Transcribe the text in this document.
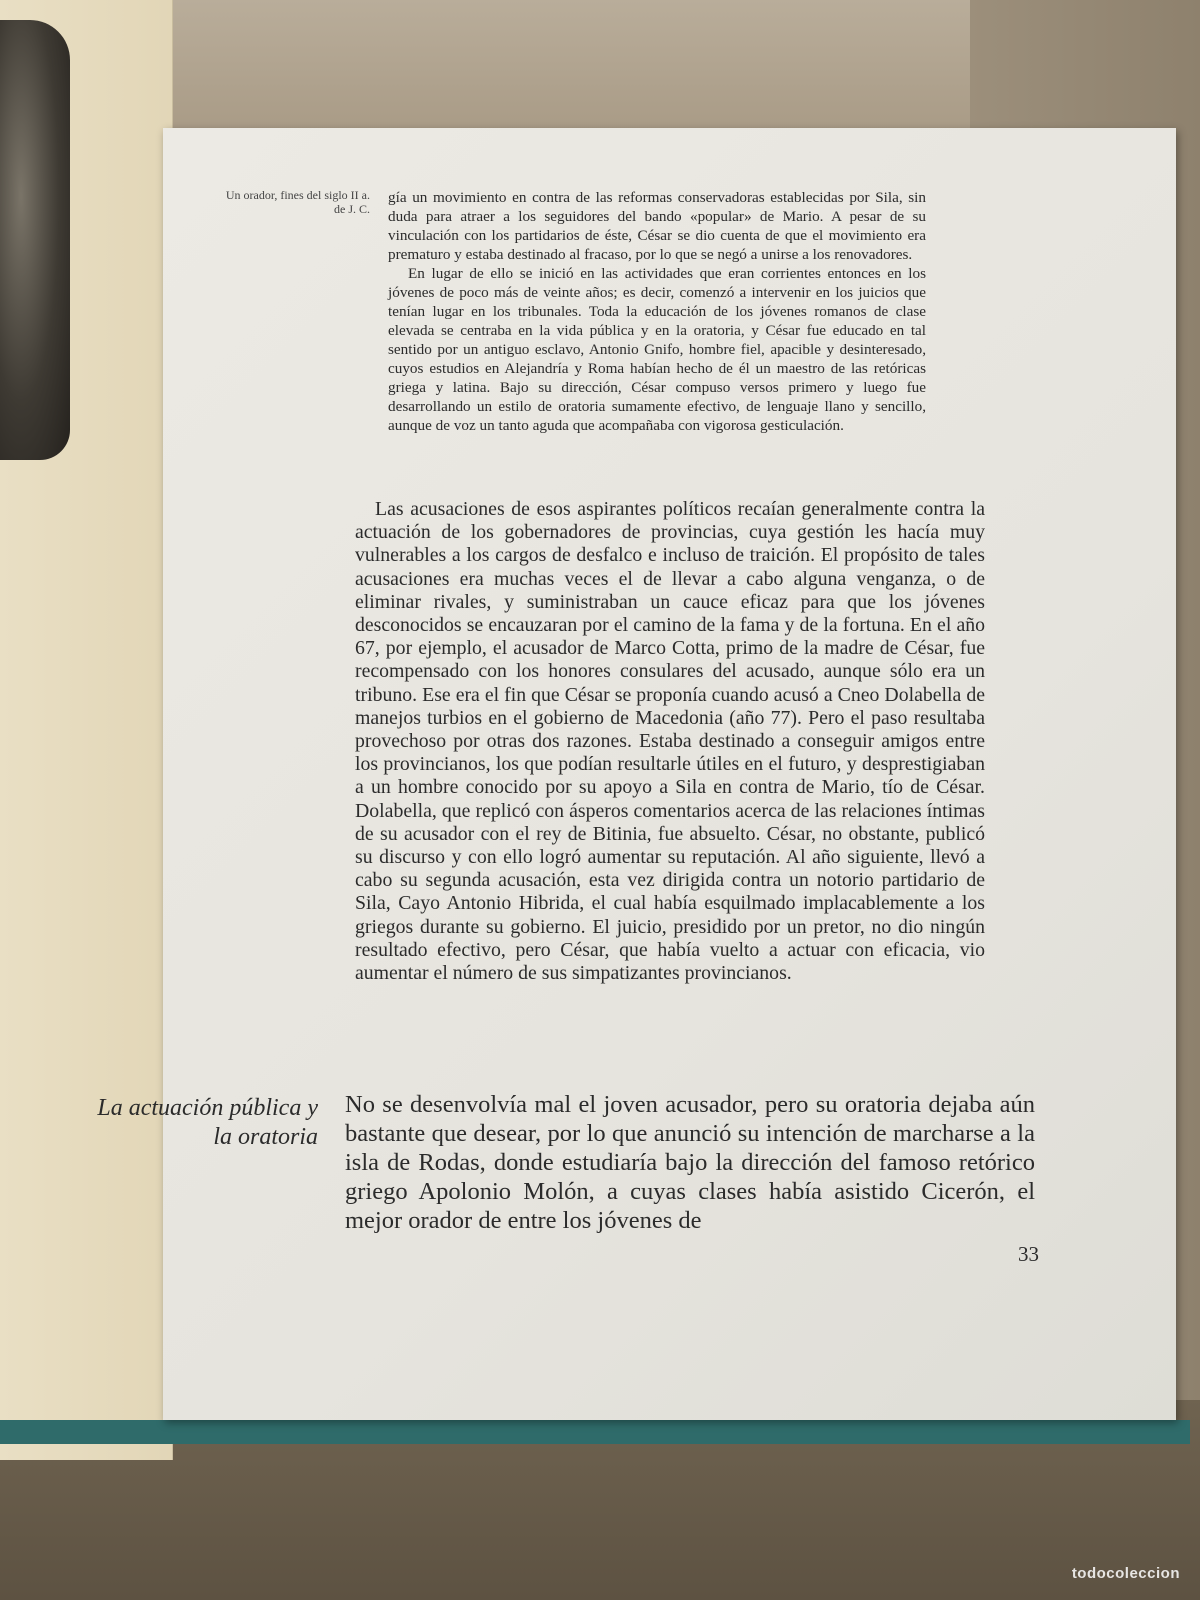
Un orador, fines del siglo II a. de J. C.

gía un movimiento en contra de las reformas conservadoras establecidas por Sila, sin duda para atraer a los seguidores del bando «popular» de Mario. A pesar de su vinculación con los partidarios de éste, César se dio cuenta de que el movimiento era prematuro y estaba destinado al fracaso, por lo que se negó a unirse a los renovadores.

En lugar de ello se inició en las actividades que eran corrientes entonces en los jóvenes de poco más de veinte años; es decir, comenzó a intervenir en los juicios que tenían lugar en los tribunales. Toda la educación de los jóvenes romanos de clase elevada se centraba en la vida pública y en la oratoria, y César fue educado en tal sentido por un antiguo esclavo, Antonio Gnifo, hombre fiel, apacible y desinteresado, cuyos estudios en Alejandría y Roma habían hecho de él un maestro de las retóricas griega y latina. Bajo su dirección, César compuso versos primero y luego fue desarrollando un estilo de oratoria sumamente efectivo, de lenguaje llano y sencillo, aunque de voz un tanto aguda que acompañaba con vigorosa gesticulación.

Las acusaciones de esos aspirantes políticos recaían generalmente contra la actuación de los gobernadores de provincias, cuya gestión les hacía muy vulnerables a los cargos de desfalco e incluso de traición. El propósito de tales acusaciones era muchas veces el de llevar a cabo alguna venganza, o de eliminar rivales, y suministraban un cauce eficaz para que los jóvenes desconocidos se encauzaran por el camino de la fama y de la fortuna. En el año 67, por ejemplo, el acusador de Marco Cotta, primo de la madre de César, fue recompensado con los honores consulares del acusado, aunque sólo era un tribuno. Ese era el fin que César se proponía cuando acusó a Cneo Dolabella de manejos turbios en el gobierno de Macedonia (año 77). Pero el paso resultaba provechoso por otras dos razones. Estaba destinado a conseguir amigos entre los provincianos, los que podían resultarle útiles en el futuro, y desprestigiaban a un hombre conocido por su apoyo a Sila en contra de Mario, tío de César. Dolabella, que replicó con ásperos comentarios acerca de las relaciones íntimas de su acusador con el rey de Bitinia, fue absuelto. César, no obstante, publicó su discurso y con ello logró aumentar su reputación. Al año siguiente, llevó a cabo su segunda acusación, esta vez dirigida contra un notorio partidario de Sila, Cayo Antonio Hibrida, el cual había esquilmado implacablemente a los griegos durante su gobierno. El juicio, presidido por un pretor, no dio ningún resultado efectivo, pero César, que había vuelto a actuar con eficacia, vio aumentar el número de sus simpatizantes provincianos.

La actuación pública y la oratoria

No se desenvolvía mal el joven acusador, pero su oratoria dejaba aún bastante que desear, por lo que anunció su intención de marcharse a la isla de Rodas, donde estudiaría bajo la dirección del famoso retórico griego Apolonio Molón, a cuyas clases había asistido Cicerón, el mejor orador de entre los jóvenes de

33
todocoleccion
